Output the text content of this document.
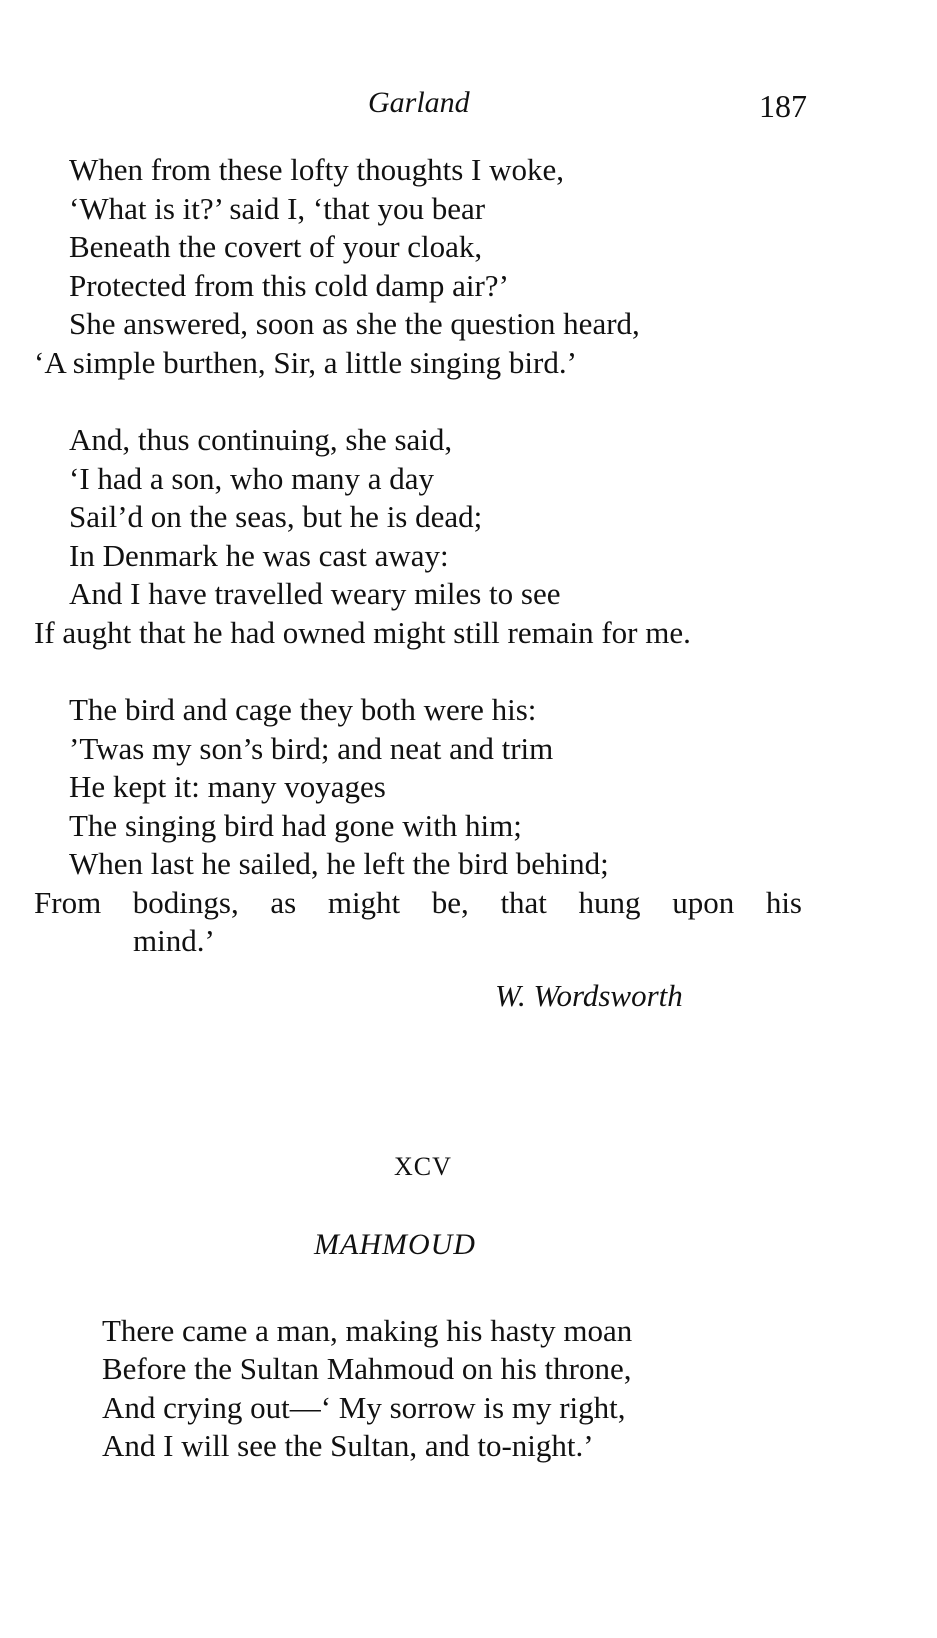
Garland	187
When from these lofty thoughts I woke,
‘What is it?’ said I, ‘that you bear
Beneath the covert of your cloak,
Protected from this cold damp air?’
She answered, soon as she the question heard,
‘A simple burthen, Sir, a little singing bird.’
And, thus continuing, she said,
‘I had a son, who many a day
Sail’d on the seas, but he is dead;
In Denmark he was cast away:
And I have travelled weary miles to see
If aught that he had owned might still remain for me.
The bird and cage they both were his:
’Twas my son’s bird; and neat and trim
He kept it: many voyages
The singing bird had gone with him;
When last he sailed, he left the bird behind;
From bodings, as might be, that hung upon his
mind.’
W. Wordsworth
XCV
MAHMOUD
There came a man, making his hasty moan
Before the Sultan Mahmoud on his throne,
And crying out—‘ My sorrow is my right,
And I will see the Sultan, and to-night.’
